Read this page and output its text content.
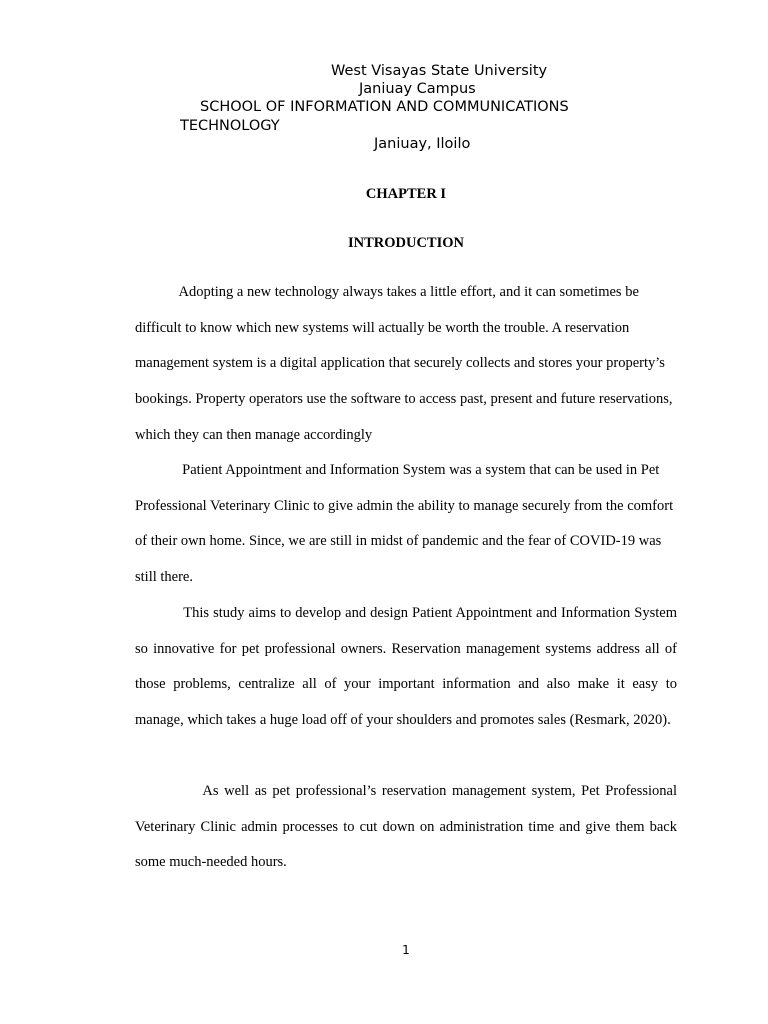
West Visayas State University

Janiuay Campus

SCHOOL OF INFORMATION AND COMMUNICATIONS

TECHNOLOGY

Janiuay, Iloilo

CHAPTER I

INTRODUCTION

Adopting a new technology always takes a little effort, and it can sometimes be difficult to know which new systems will actually be worth the trouble. A reservation management system is a digital application that securely collects and stores your property’s bookings. Property operators use the software to access past, present and future reservations, which they can then manage accordingly

Patient Appointment and Information System was a system that can be used in Pet Professional Veterinary Clinic to give admin the ability to manage securely from the comfort of their own home. Since, we are still in midst of pandemic and the fear of COVID-19 was still there.

This study aims to develop and design Patient Appointment and Information System so innovative for pet professional owners. Reservation management systems address all of those problems, centralize all of your important information and also make it easy to manage, which takes a huge load off of your shoulders and promotes sales (Resmark, 2020).

As well as pet professional’s reservation management system, Pet Professional Veterinary Clinic admin processes to cut down on administration time and give them back some much-needed hours.

1
